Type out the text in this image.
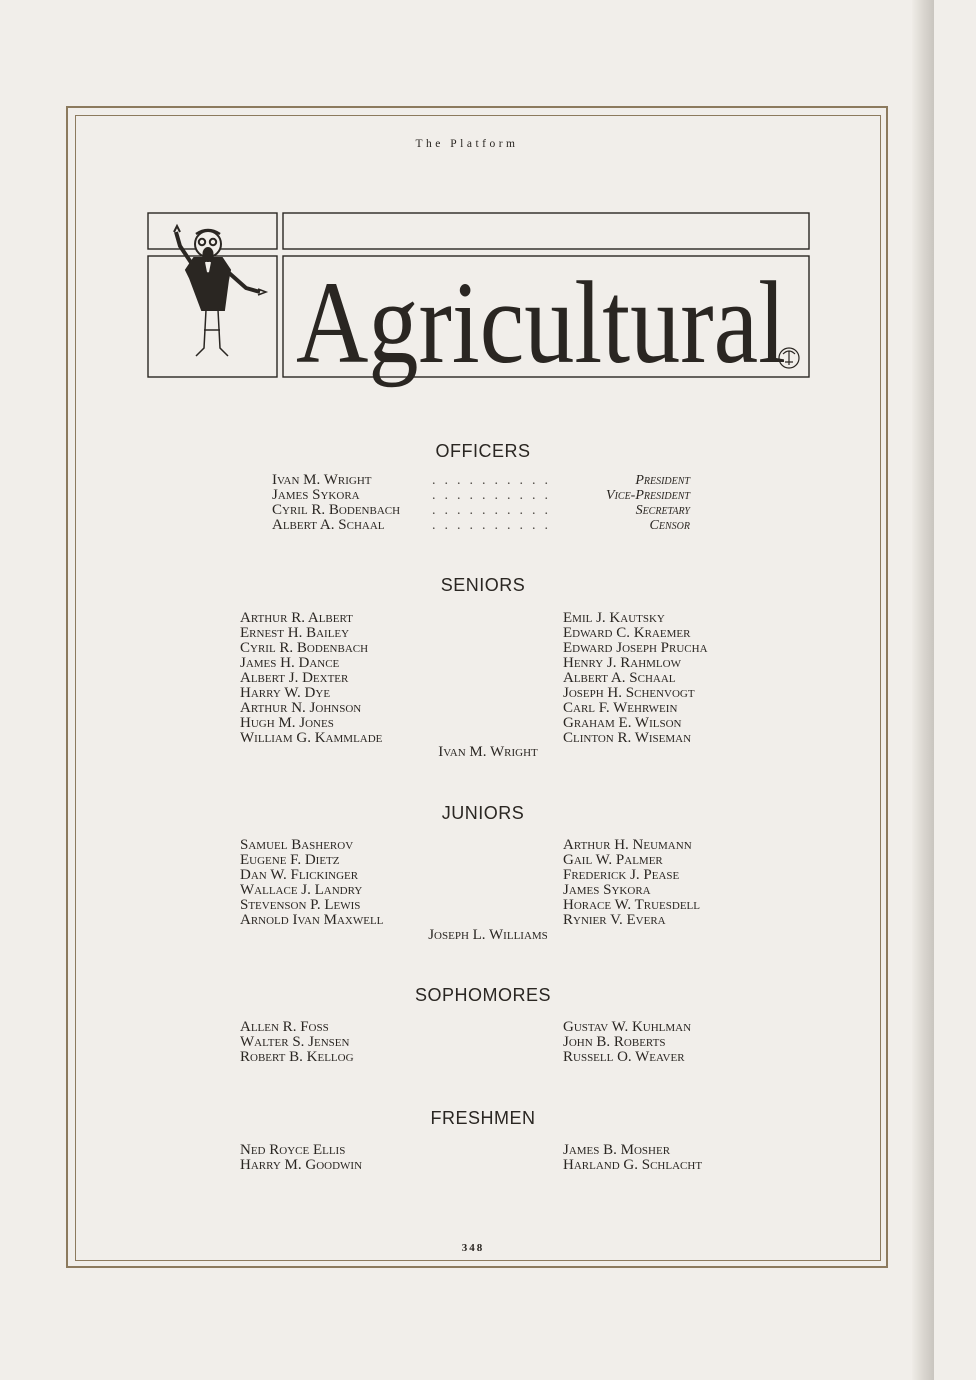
The Platform
Agricultural
OFFICERS
Ivan M. Wright	..........	President
James Sykora	..........	Vice-President
Cyril R. Bodenbach ..........	Secretary
Albert A. Schaal	..........	Censor
SENIORS
Arthur R. Albert
Ernest H. Bailey
Cyril R. Bodenbach
James H. Dance
Albert J. Dexter
Harry W. Dye
Arthur N. Johnson
Hugh M. Jones
William G. Kammlade
Emil J. Kautsky
Edward C. Kraemer
Edward Joseph Prucha
Henry J. Rahmlow
Albert A. Schaal
Joseph H. Schenvogt
Carl F. Wehrwein
Graham E. Wilson
Clinton R. Wiseman
Ivan M. Wright
JUNIORS
Samuel Basherov
Eugene F. Dietz
Dan W. Flickinger
Wallace J. Landry
Stevenson P. Lewis
Arnold Ivan Maxwell
Arthur H. Neumann
Gail W. Palmer
Frederick J. Pease
James Sykora
Horace W. Truesdell
Rynier V. Evera
Joseph L. Williams
SOPHOMORES
Allen R. Foss
Walter S. Jensen
Robert B. Kellog
Gustav W. Kuhlman
John B. Roberts
Russell O. Weaver
FRESHMEN
Ned Royce Ellis
Harry M. Goodwin
James B. Mosher
Harland G. Schlacht
348
